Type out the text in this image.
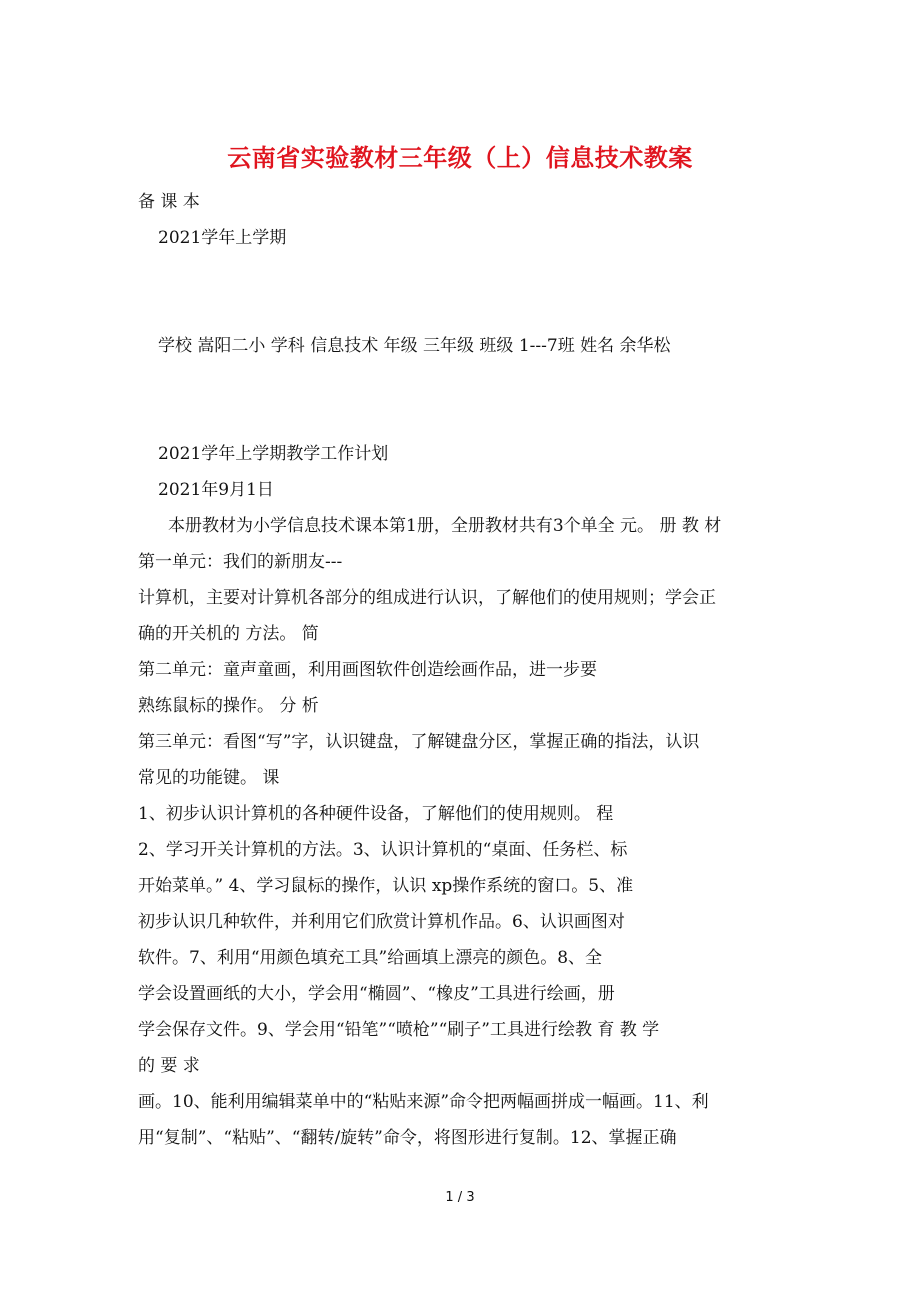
云南省实验教材三年级（上）信息技术教案
备 课 本
2021学年上学期
学校 嵩阳二小 学科 信息技术 年级 三年级 班级 1---7班 姓名 余华松
2021学年上学期教学工作计划
2021年9月1日
本册教材为小学信息技术课本第1册，全册教材共有3个单全 元。 册 教 材
第一单元：我们的新朋友---
计算机，主要对计算机各部分的组成进行认识，了解他们的使用规则；学会正
确的开关机的 方法。 简
第二单元：童声童画，利用画图软件创造绘画作品，进一步要
熟练鼠标的操作。 分 析
第三单元：看图“写”字，认识键盘，了解键盘分区，掌握正确的指法，认识
常见的功能键。 课
1、初步认识计算机的各种硬件设备，了解他们的使用规则。 程
2、学习开关计算机的方法。3、认识计算机的“桌面、任务栏、标
开始菜单。” 4、学习鼠标的操作，认识 xp操作系统的窗口。5、准
初步认识几种软件，并利用它们欣赏计算机作品。6、认识画图对
软件。7、利用“用颜色填充工具”给画填上漂亮的颜色。8、全
学会设置画纸的大小，学会用“椭圆”、“橡皮”工具进行绘画，册
学会保存文件。9、学会用“铅笔”“喷枪”“刷子”工具进行绘教 育 教 学
的 要 求
画。10、能利用编辑菜单中的“粘贴来源”命令把两幅画拼成一幅画。11、利
用“复制”、“粘贴”、“翻转/旋转”命令，将图形进行复制。12、掌握正确
1 / 3
